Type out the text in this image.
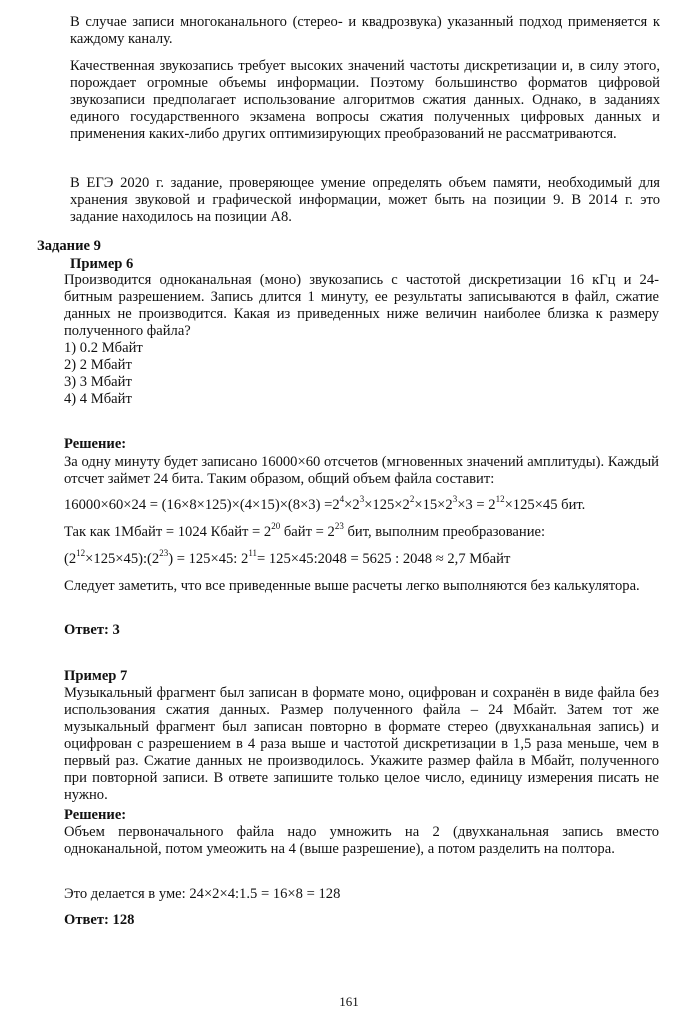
В случае записи многоканального (стерео- и квадрозвука) указанный подход применяется к каждому каналу.

Качественная звукозапись требует высоких значений частоты дискретизации и, в силу этого, порождает огромные объемы информации. Поэтому большинство форматов цифровой звукозаписи предполагает использование алгоритмов сжатия данных. Однако, в заданиях единого государственного экзамена вопросы сжатия полученных цифровых данных и применения каких-либо других оптимизирующих преобразований не рассматриваются.

В ЕГЭ 2020 г. задание, проверяющее умение определять объем памяти, необходимый для хранения звуковой и графической информации, может быть на позиции 9. В 2014 г. это задание находилось на позиции А8.

Задание 9
Пример 6

Производится одноканальная (моно) звукозапись с частотой дискретизации 16 кГц и 24-битным разрешением. Запись длится 1 минуту, ее результаты записываются в файл, сжатие данных не производится. Какая из приведенных ниже величин наиболее близка к размеру полученного файла?

1) 0.2 Мбайт
2) 2 Мбайт
3) 3 Мбайт
4) 4 Мбайт
Решение:

За одну минуту будет записано 16000×60 отсчетов (мгновенных значений амплитуды). Каждый отсчет займет 24 бита. Таким образом, общий объем файла составит:

$16000\times 60\times 24 = (16\times 8\times 125)\times(4\times 15)\times(8\times 3) =2^4\times 2^3\times 125\times 2^2\times 15\times 2^3\times 3 = 2^{12}\times 125\times 45$ бит.
Так как 1Мбайт = 1024 Кбайт = $2^{20}$ байт = $2^{23}$ бит, выполним преобразование:
$(2^{12}\times 125\times 45):(2^{23}) = 125\times 45$: $2^{11}=$ 125×45:2048 = 5625 : 2048 ≈ 2,7 Мбайт

Следует заметить, что все приведенные выше расчеты легко выполняются без калькулятора.

Ответ: 3
Пример 7

Музыкальный фрагмент был записан в формате моно, оцифрован и сохранён в виде файла без использования сжатия данных. Размер полученного файла – 24 Мбайт. Затем тот же музыкальный фрагмент был записан повторно в формате стерео (двухканальная запись) и оцифрован с разрешением в 4 раза выше и частотой дискретизации в 1,5 раза меньше, чем в первый раз. Сжатие данных не производилось. Укажите размер файла в Мбайт, полученного при повторной записи. В ответе запишите только целое число, единицу измерения писать не нужно.

Решение:

Объем первоначального файла надо умножить на 2 (двухканальная запись вместо одноканальной, потом умеожить на 4 (выше разрешение), а потом разделить на полтора.

Это делается в уме: 24×2×4:1.5 = 16×8 = 128
Ответ: 128
161
